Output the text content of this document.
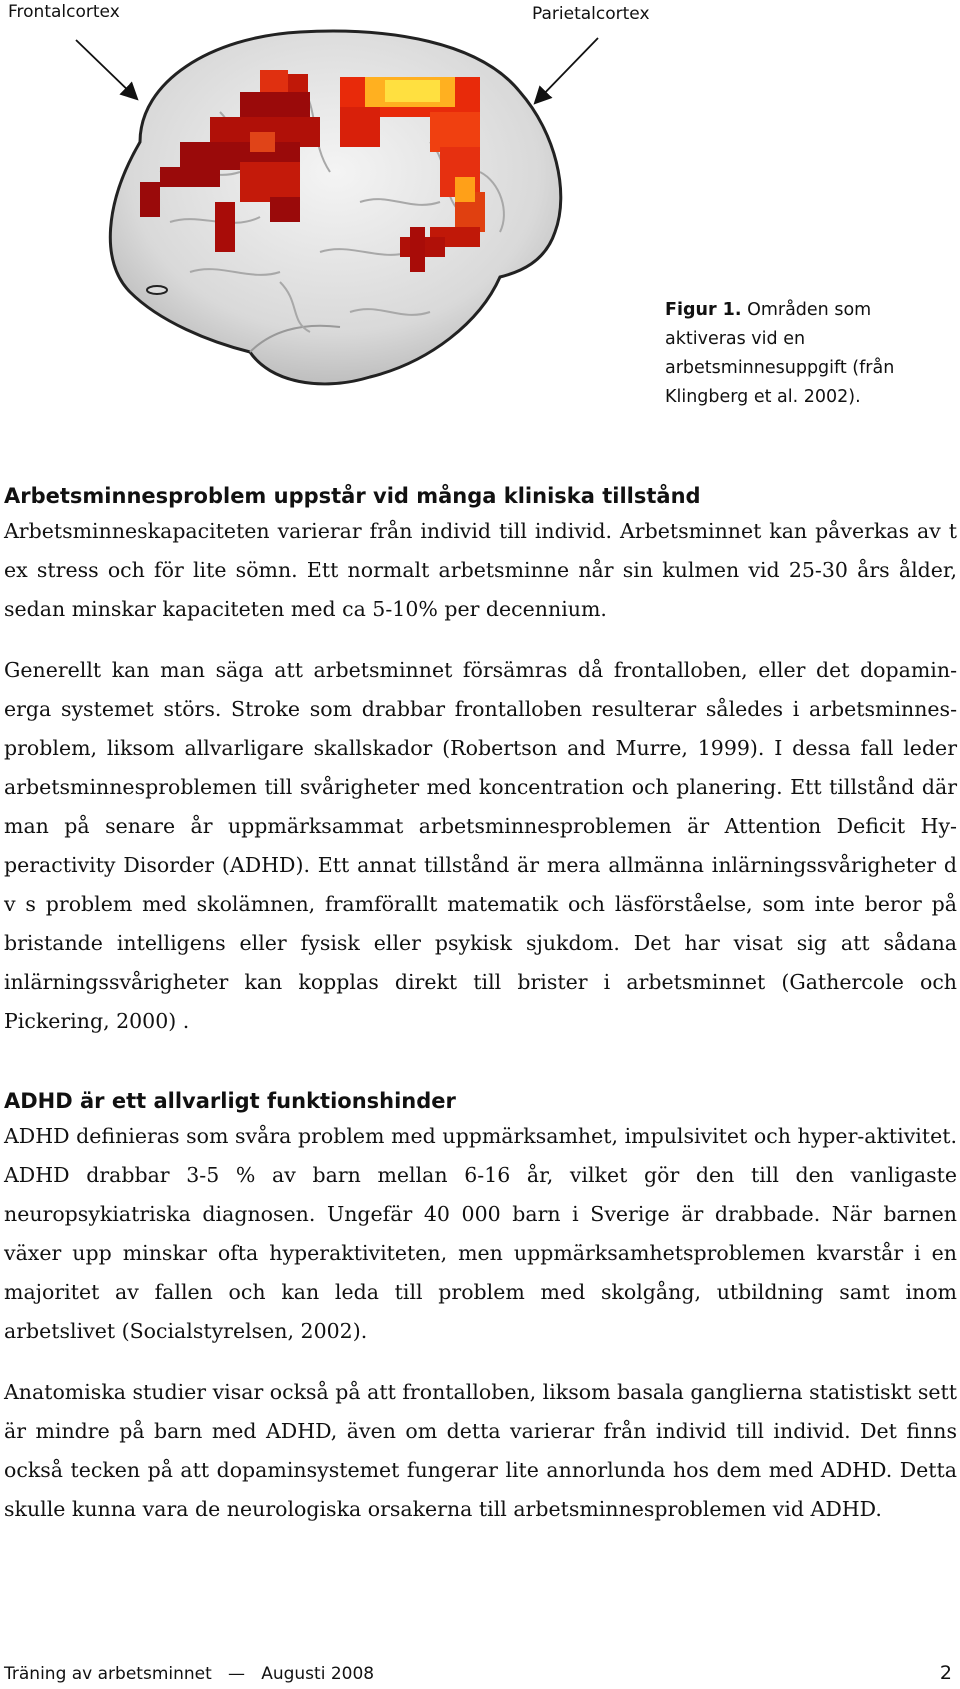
Frontalcortex	Parietalcortex
Figur 1. Områden som aktiveras vid en arbetsminnesuppgift (från Klingberg et al. 2002).
Arbetsminnesproblem uppstår vid många kliniska tillstånd

Arbetsminneskapaciteten varierar från individ till individ. Arbetsminnet kan påverkas av t ex stress och för lite sömn. Ett normalt arbetsminne når sin kulmen vid 25-30 års ålder, sedan minskar kapaciteten med ca 5-10% per decennium.

Generellt kan man säga att arbetsminnet försämras då frontalloben, eller det dopamin-erga systemet störs. Stroke som drabbar frontalloben resulterar således i arbetsminnes-problem, liksom allvarligare skallskador (Robertson and Murre, 1999). I dessa fall leder arbetsminnesproblemen till svårigheter med koncentration och planering. Ett tillstånd där man på senare år uppmärksammat arbetsminnesproblemen är Attention Deficit Hy-peractivity Disorder (ADHD). Ett annat tillstånd är mera allmänna inlärningssvårigheter d v s problem med skolämnen, framförallt matematik och läsförståelse, som inte beror på bristande intelligens eller fysisk eller psykisk sjukdom. Det har visat sig att sådana inlärningssvårigheter kan kopplas direkt till brister i arbetsminnet (Gathercole och Pickering, 2000) .

ADHD är ett allvarligt funktionshinder

ADHD definieras som svåra problem med uppmärksamhet, impulsivitet och hyper-aktivitet. ADHD drabbar 3-5 % av barn mellan 6-16 år, vilket gör den till den vanligaste neuropsykiatriska diagnosen. Ungefär 40 000 barn i Sverige är drabbade. När barnen växer upp minskar ofta hyperaktiviteten, men uppmärksamhetsproblemen kvarstår i en majoritet av fallen och kan leda till problem med skolgång, utbildning samt inom arbetslivet (Socialstyrelsen, 2002).

Anatomiska studier visar också på att frontalloben, liksom basala ganglierna statistiskt sett är mindre på barn med ADHD, även om detta varierar från individ till individ. Det finns också tecken på att dopaminsystemet fungerar lite annorlunda hos dem med ADHD. Detta skulle kunna vara de neurologiska orsakerna till arbetsminnesproblemen vid ADHD.

Träning av arbetsminnet   —   Augusti 2008	2
